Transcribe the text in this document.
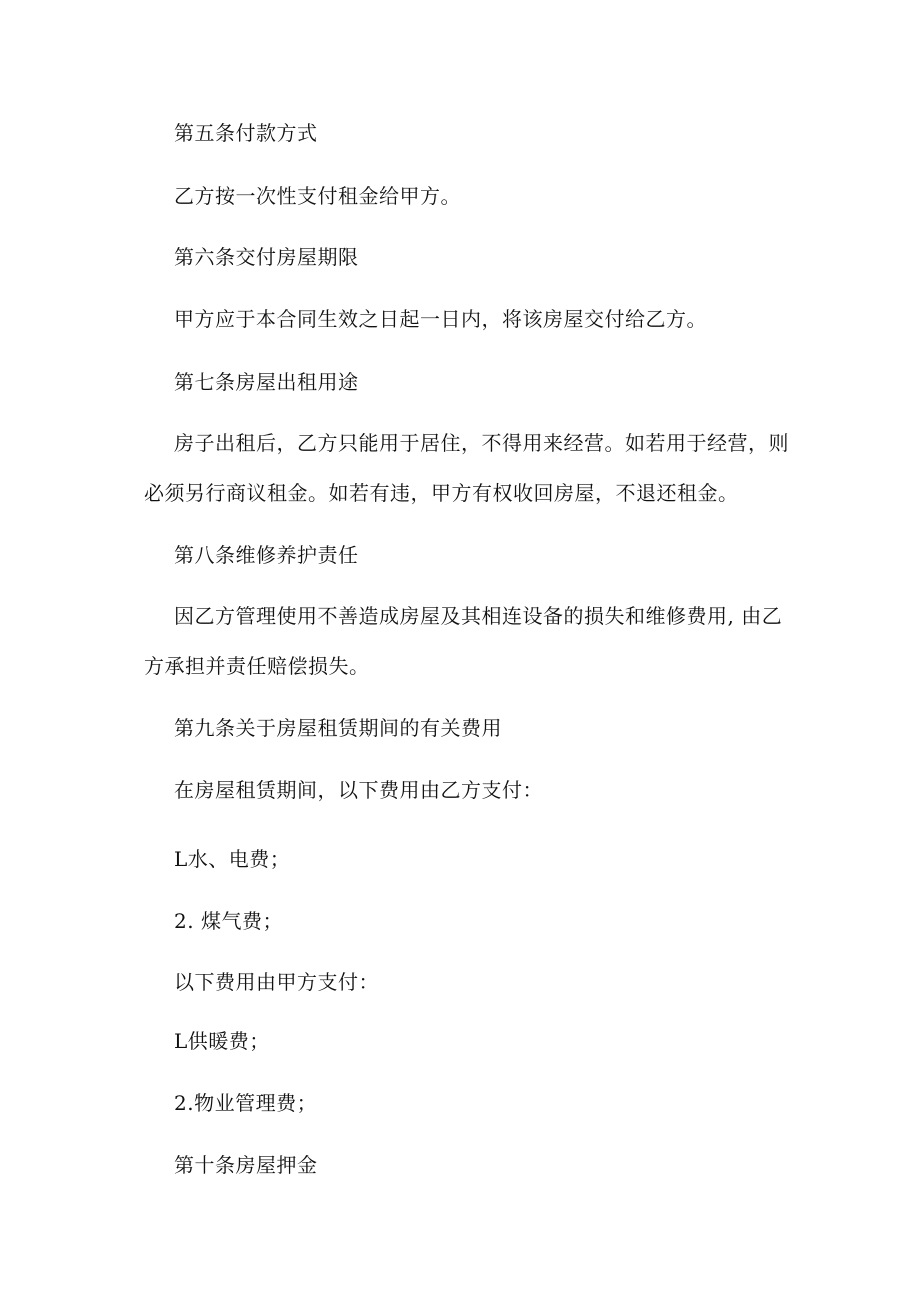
第五条付款方式
乙方按一次性支付租金给甲方。
第六条交付房屋期限
甲方应于本合同生效之日起一日内，将该房屋交付给乙方。
第七条房屋出租用途
房子出租后，乙方只能用于居住，不得用来经营。如若用于经营，则
必须另行商议租金。如若有违，甲方有权收回房屋，不退还租金。
第八条维修养护责任
因乙方管理使用不善造成房屋及其相连设备的损失和维修费用, 由乙
方承担并责任赔偿损失。
第九条关于房屋租赁期间的有关费用
在房屋租赁期间，以下费用由乙方支付：
L水、电费；
2. 煤气费；
以下费用由甲方支付：
L供暖费；
2.物业管理费；
第十条房屋押金
